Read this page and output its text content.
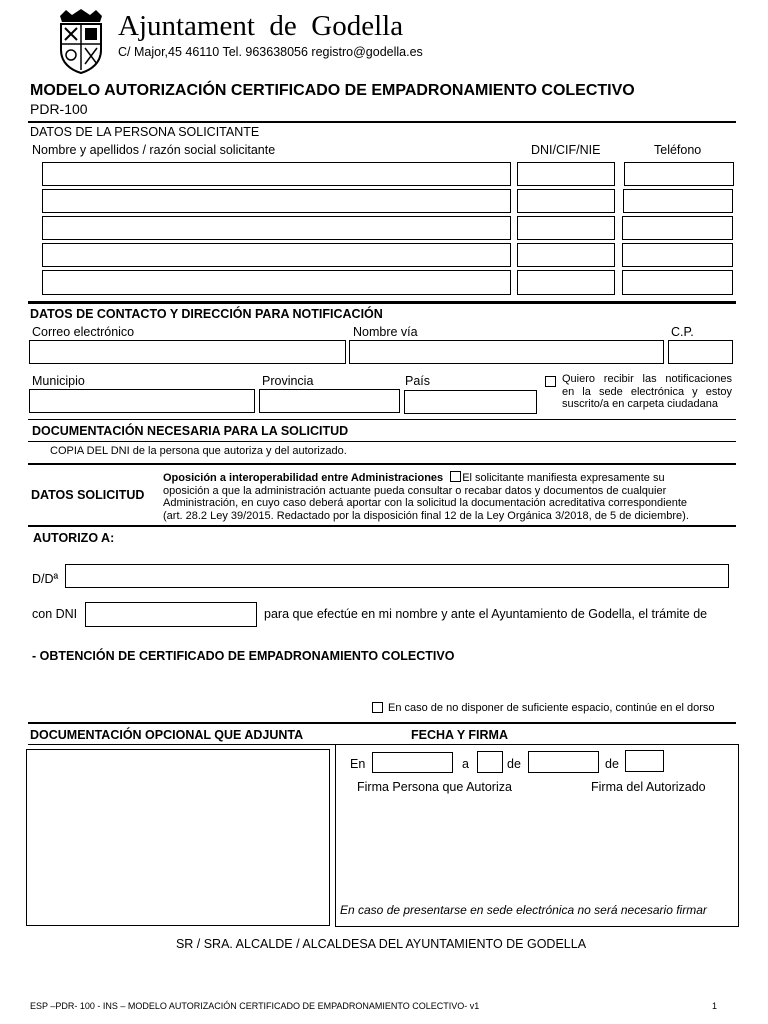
Ajuntament  de  Godella
C/ Major,45 46110 Tel. 963638056 registro@godella.es
MODELO AUTORIZACIÓN CERTIFICADO DE EMPADRONAMIENTO COLECTIVO
PDR-100
DATOS DE LA PERSONA SOLICITANTE
Nombre y apellidos / razón social solicitante	DNI/CIF/NIE	Teléfono
DATOS DE CONTACTO Y DIRECCIÓN PARA NOTIFICACIÓN
Correo electrónico	Nombre vía	C.P.
Municipio	Provincia	País	Quiero recibir las notificaciones
en la sede electrónica y estoy
suscrito/a en carpeta ciudadana
DOCUMENTACIÓN NECESARIA PARA LA SOLICITUD
COPIA DEL DNI de la persona que autoriza y del autorizado.
DATOS SOLICITUD
Oposición a interoperabilidad entre Administraciones El solicitante manifiesta expresamente su
oposición a que la administración actuante pueda consultar o recabar datos y documentos de cualquier
Administración, en cuyo caso deberá aportar con la solicitud la documentación acreditativa correspondiente
(art. 28.2 Ley 39/2015. Redactado por la disposición final 12 de la Ley Orgánica 3/2018, de 5 de diciembre).
AUTORIZO A:
D/Dª
con DNI	para que efectúe en mi nombre y ante el Ayuntamiento de Godella, el trámite de
- OBTENCIÓN DE CERTIFICADO DE EMPADRONAMIENTO COLECTIVO
En caso de no disponer de suficiente espacio, continúe en el dorso
DOCUMENTACIÓN OPCIONAL QUE ADJUNTA	FECHA Y FIRMA
En	a	de	de
Firma Persona que Autoriza	Firma del Autorizado
En caso de presentarse en sede electrónica no será necesario firmar
SR / SRA. ALCALDE / ALCALDESA DEL AYUNTAMIENTO DE GODELLA
ESP –PDR- 100 - INS – MODELO AUTORIZACIÓN CERTIFICADO DE EMPADRONAMIENTO COLECTIVO- v1	1
